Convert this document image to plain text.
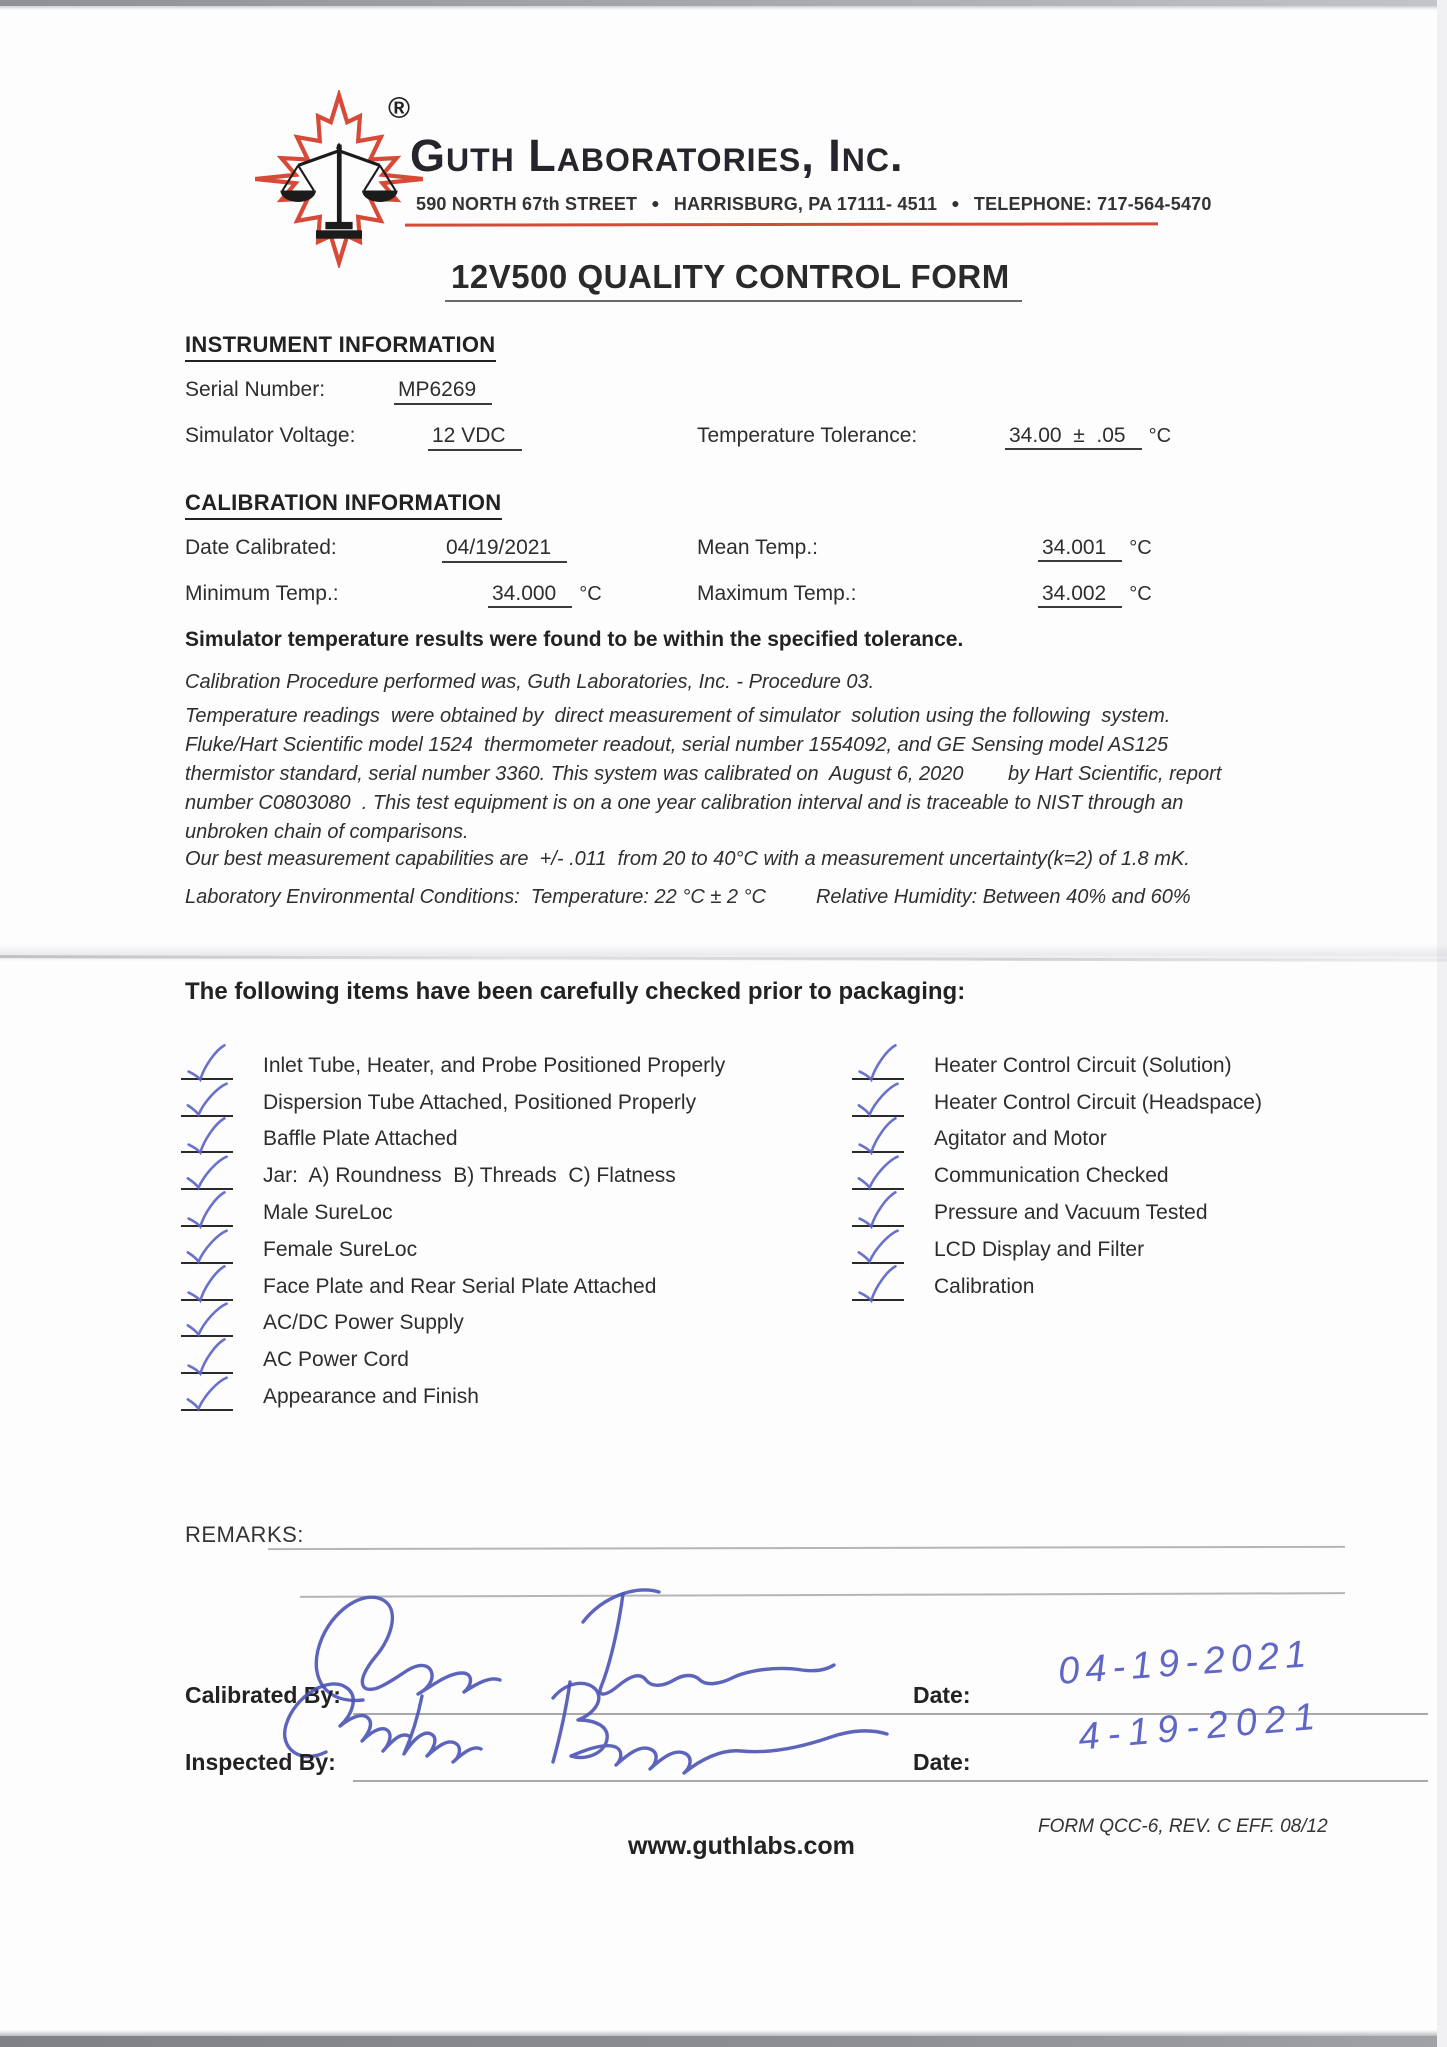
®
Guth Laboratories, Inc.
590 NORTH 67th STREET ● HARRISBURG, PA 17111- 4511 ● TELEPHONE: 717-564-5470
12V500 QUALITY CONTROL FORM
INSTRUMENT INFORMATION
Serial Number:	MP6269
Simulator Voltage:	12 VDC	Temperature Tolerance:	34.00  ±  .05 °C
CALIBRATION INFORMATION
Date Calibrated:	04/19/2021	Mean Temp.:	34.001 °C
Minimum Temp.:	34.000 °C	Maximum Temp.:	34.002 °C
Simulator temperature results were found to be within the specified tolerance.
Calibration Procedure performed was, Guth Laboratories, Inc. - Procedure 03.
Temperature readings  were obtained by  direct measurement of simulator  solution using the following  system.
Fluke/Hart Scientific model 1524  thermometer readout, serial number 1554092, and GE Sensing model AS125
thermistor standard, serial number 3360. This system was calibrated on  August 6, 2020        by Hart Scientific, report
number C0803080  . This test equipment is on a one year calibration interval and is traceable to NIST through an
unbroken chain of comparisons.
Our best measurement capabilities are  +/- .011  from 20 to 40°C with a measurement uncertainty(k=2) of 1.8 mK.
Laboratory Environmental Conditions:  Temperature: 22 °C ± 2 °C         Relative Humidity: Between 40% and 60%
The following items have been carefully checked prior to packaging:
Inlet Tube, Heater, and Probe Positioned Properly
Dispersion Tube Attached, Positioned Properly
Baffle Plate Attached
Jar:  A) Roundness  B) Threads  C) Flatness
Male SureLoc
Female SureLoc
Face Plate and Rear Serial Plate Attached
AC/DC Power Supply
AC Power Cord
Appearance and Finish
Heater Control Circuit (Solution)
Heater Control Circuit (Headspace)
Agitator and Motor
Communication Checked
Pressure and Vacuum Tested
LCD Display and Filter
Calibration
REMARKS:
Calibrated By:	Date:
04-19-2021
Inspected By:	Date:
4-19-2021
www.guthlabs.com
FORM QCC-6, REV. C EFF. 08/12
